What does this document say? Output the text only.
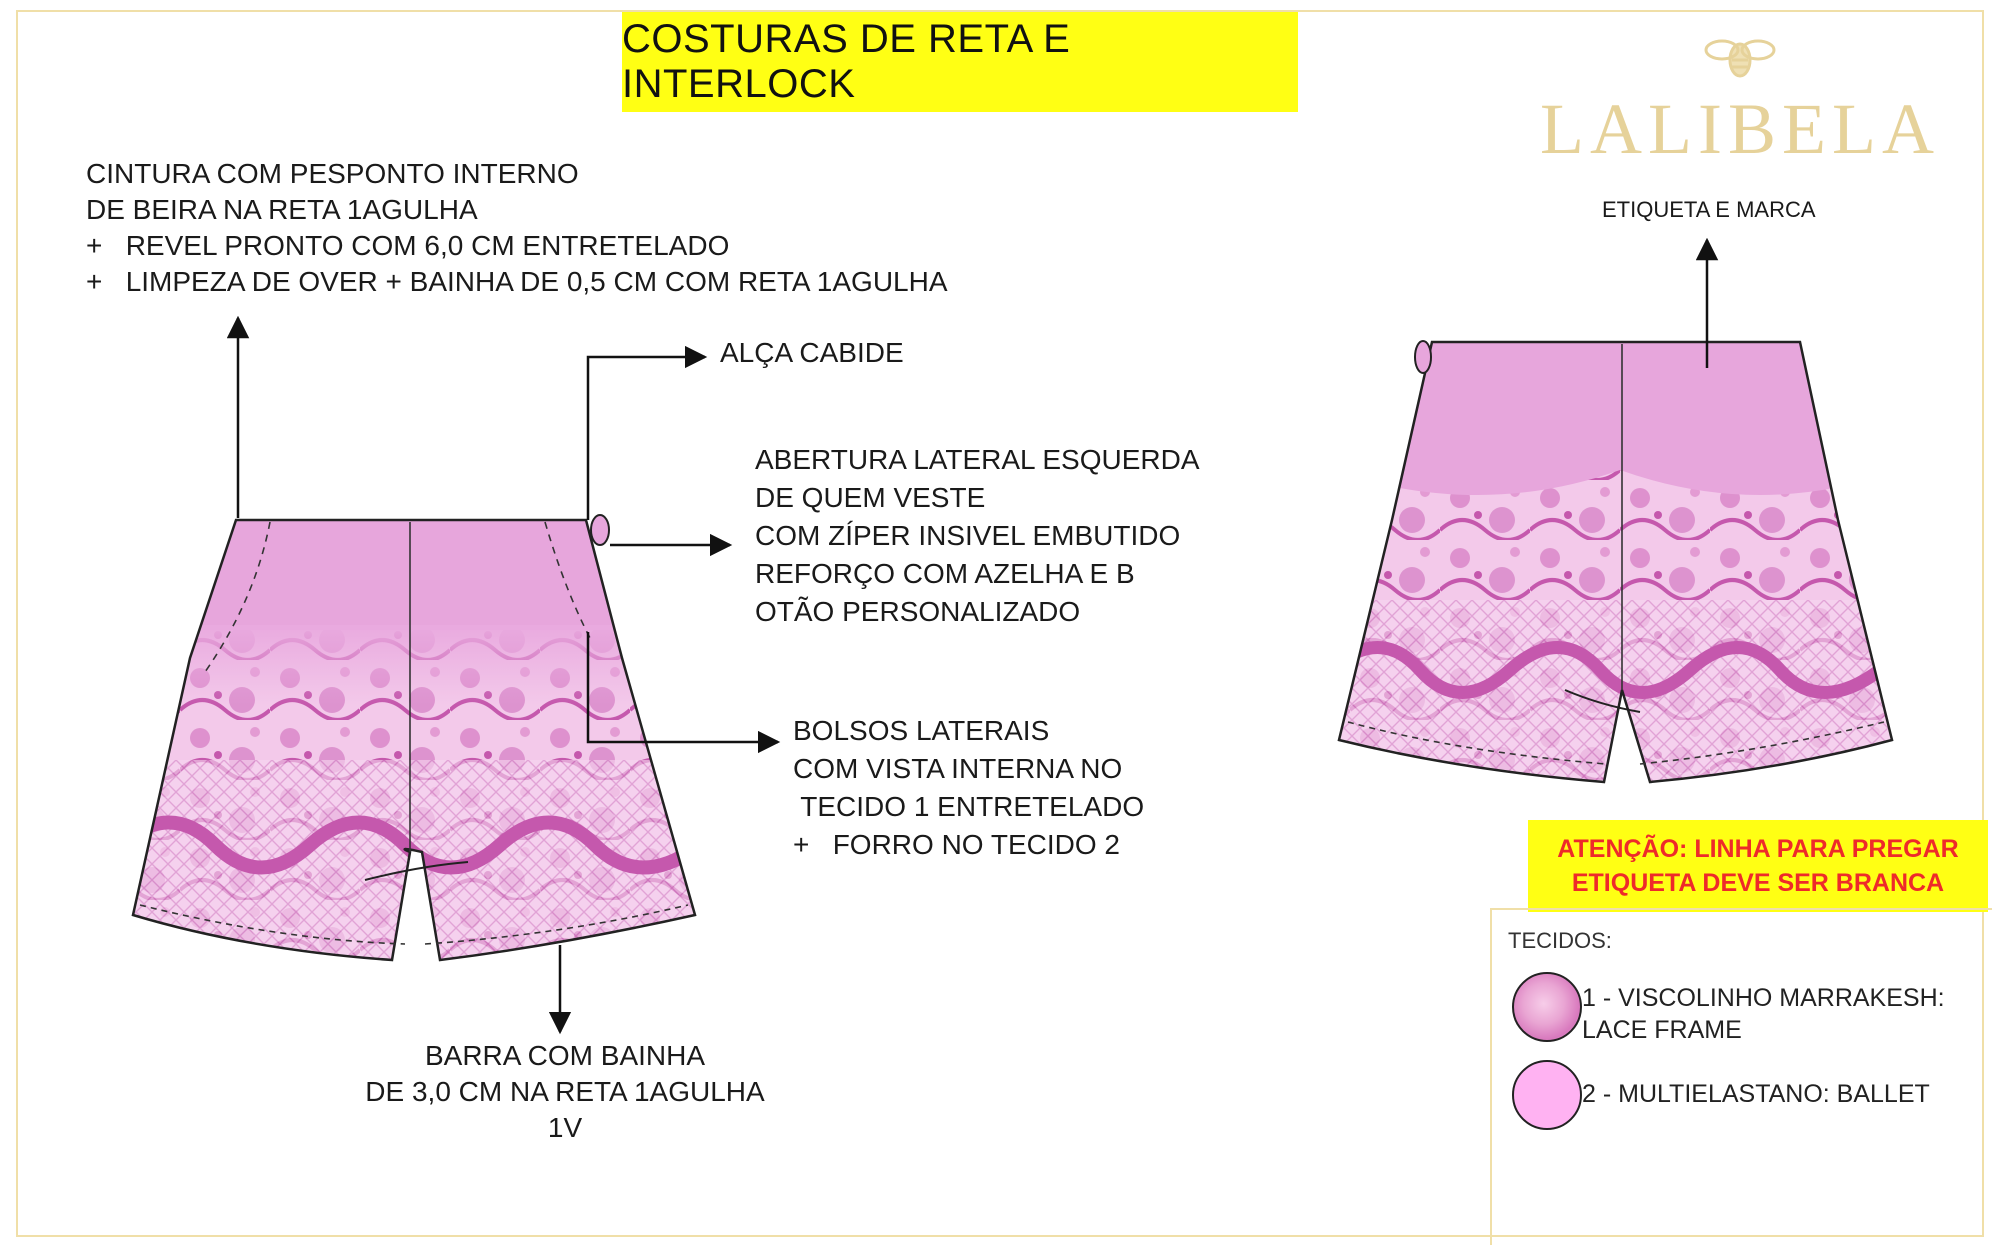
COSTURAS DE RETA E INTERLOCK
LALIBELA
CINTURA COM PESPONTO INTERNO
DE BEIRA NA RETA 1AGULHA
+   REVEL PRONTO COM 6,0 CM ENTRETELADO
+   LIMPEZA DE OVER + BAINHA DE 0,5 CM COM RETA 1AGULHA
ALÇA CABIDE
ABERTURA LATERAL ESQUERDA
DE QUEM VESTE
COM ZÍPER INSIVEL EMBUTIDO
REFORÇO COM AZELHA E B
OTÃO PERSONALIZADO
BOLSOS LATERAIS
COM VISTA INTERNA NO
TECIDO 1 ENTRETELADO
+   FORRO NO TECIDO 2
BARRA COM BAINHA
DE 3,0 CM NA RETA 1AGULHA
1V
ETIQUETA E MARCA
ATENÇÃO: LINHA PARA PREGAR
ETIQUETA DEVE SER BRANCA
TECIDOS:
1 - VISCOLINHO MARRAKESH:
LACE FRAME
2 - MULTIELASTANO: BALLET
